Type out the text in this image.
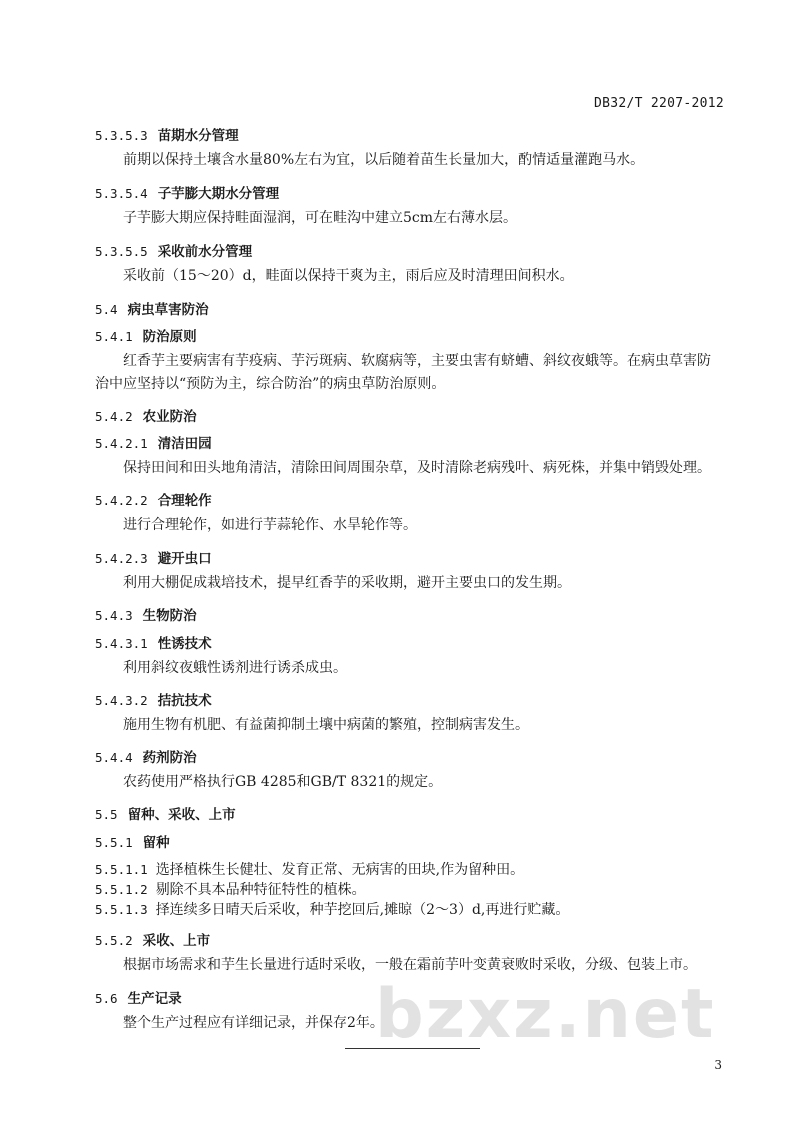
DB32/T 2207-2012
5.3.5.3 苗期水分管理
前期以保持土壤含水量80%左右为宜，以后随着苗生长量加大，酌情适量灌跑马水。
5.3.5.4 子芋膨大期水分管理
子芋膨大期应保持畦面湿润，可在畦沟中建立5cm左右薄水层。
5.3.5.5 采收前水分管理
采收前（15～20）d，畦面以保持干爽为主，雨后应及时清理田间积水。
5.4 病虫草害防治
5.4.1 防治原则
红香芋主要病害有芋疫病、芋污斑病、软腐病等，主要虫害有蛴螬、斜纹夜蛾等。在病虫草害防治中应坚持以“预防为主，综合防治”的病虫草防治原则。
5.4.2 农业防治
5.4.2.1 清洁田园
保持田间和田头地角清洁，清除田间周围杂草，及时清除老病残叶、病死株，并集中销毁处理。
5.4.2.2 合理轮作
进行合理轮作，如进行芋蒜轮作、水旱轮作等。
5.4.2.3 避开虫口
利用大棚促成栽培技术，提早红香芋的采收期，避开主要虫口的发生期。
5.4.3 生物防治
5.4.3.1 性诱技术
利用斜纹夜蛾性诱剂进行诱杀成虫。
5.4.3.2 拮抗技术
施用生物有机肥、有益菌抑制土壤中病菌的繁殖，控制病害发生。
5.4.4 药剂防治
农药使用严格执行GB 4285和GB/T 8321的规定。
5.5 留种、采收、上市
5.5.1 留种
5.5.1.1 选择植株生长健壮、发育正常、无病害的田块,作为留种田。
5.5.1.2 剔除不具本品种特征特性的植株。
5.5.1.3 择连续多日晴天后采收，种芋挖回后,摊晾（2～3）d,再进行贮藏。
5.5.2 采收、上市
根据市场需求和芋生长量进行适时采收，一般在霜前芋叶变黄衰败时采收，分级、包装上市。
5.6 生产记录
整个生产过程应有详细记录，并保存2年。
bzxz.net
3
